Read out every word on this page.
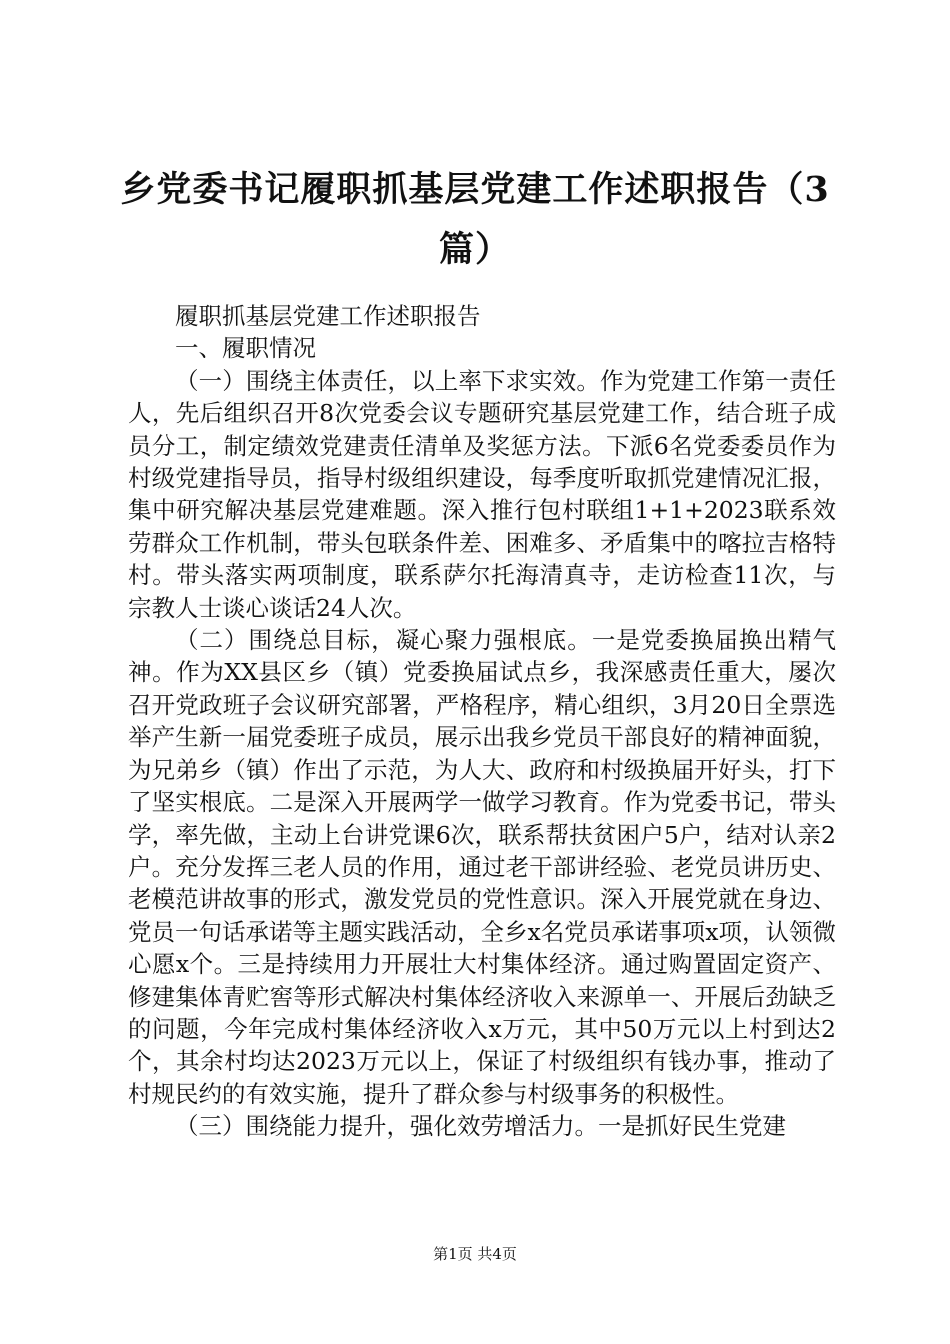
乡党委书记履职抓基层党建工作述职报告（3篇）

履职抓基层党建工作述职报告

一、履职情况

（一）围绕主体责任，以上率下求实效。作为党建工作第一责任人，先后组织召开8次党委会议专题研究基层党建工作，结合班子成员分工，制定绩效党建责任清单及奖惩方法。下派6名党委委员作为村级党建指导员，指导村级组织建设，每季度听取抓党建情况汇报，集中研究解决基层党建难题。深入推行包村联组1+1+2023联系效劳群众工作机制，带头包联条件差、困难多、矛盾集中的喀拉吉格特村。带头落实两项制度，联系萨尔托海清真寺，走访检查11次，与宗教人士谈心谈话24人次。

（二）围绕总目标，凝心聚力强根底。一是党委换届换出精气神。作为XX县区乡（镇）党委换届试点乡，我深感责任重大，屡次召开党政班子会议研究部署，严格程序，精心组织，3月20日全票选举产生新一届党委班子成员，展示出我乡党员干部良好的精神面貌，为兄弟乡（镇）作出了示范，为人大、政府和村级换届开好头，打下了坚实根底。二是深入开展两学一做学习教育。作为党委书记，带头学，率先做，主动上台讲党课6次，联系帮扶贫困户5户，结对认亲2户。充分发挥三老人员的作用，通过老干部讲经验、老党员讲历史、老模范讲故事的形式，激发党员的党性意识。深入开展党就在身边、党员一句话承诺等主题实践活动，全乡x名党员承诺事项x项，认领微心愿x个。三是持续用力开展壮大村集体经济。通过购置固定资产、修建集体青贮窖等形式解决村集体经济收入来源单一、开展后劲缺乏的问题，今年完成村集体经济收入x万元，其中50万元以上村到达2个，其余村均达2023万元以上，保证了村级组织有钱办事，推动了村规民约的有效实施，提升了群众参与村级事务的积极性。

（三）围绕能力提升，强化效劳增活力。一是抓好民生党建

第1页 共4页
